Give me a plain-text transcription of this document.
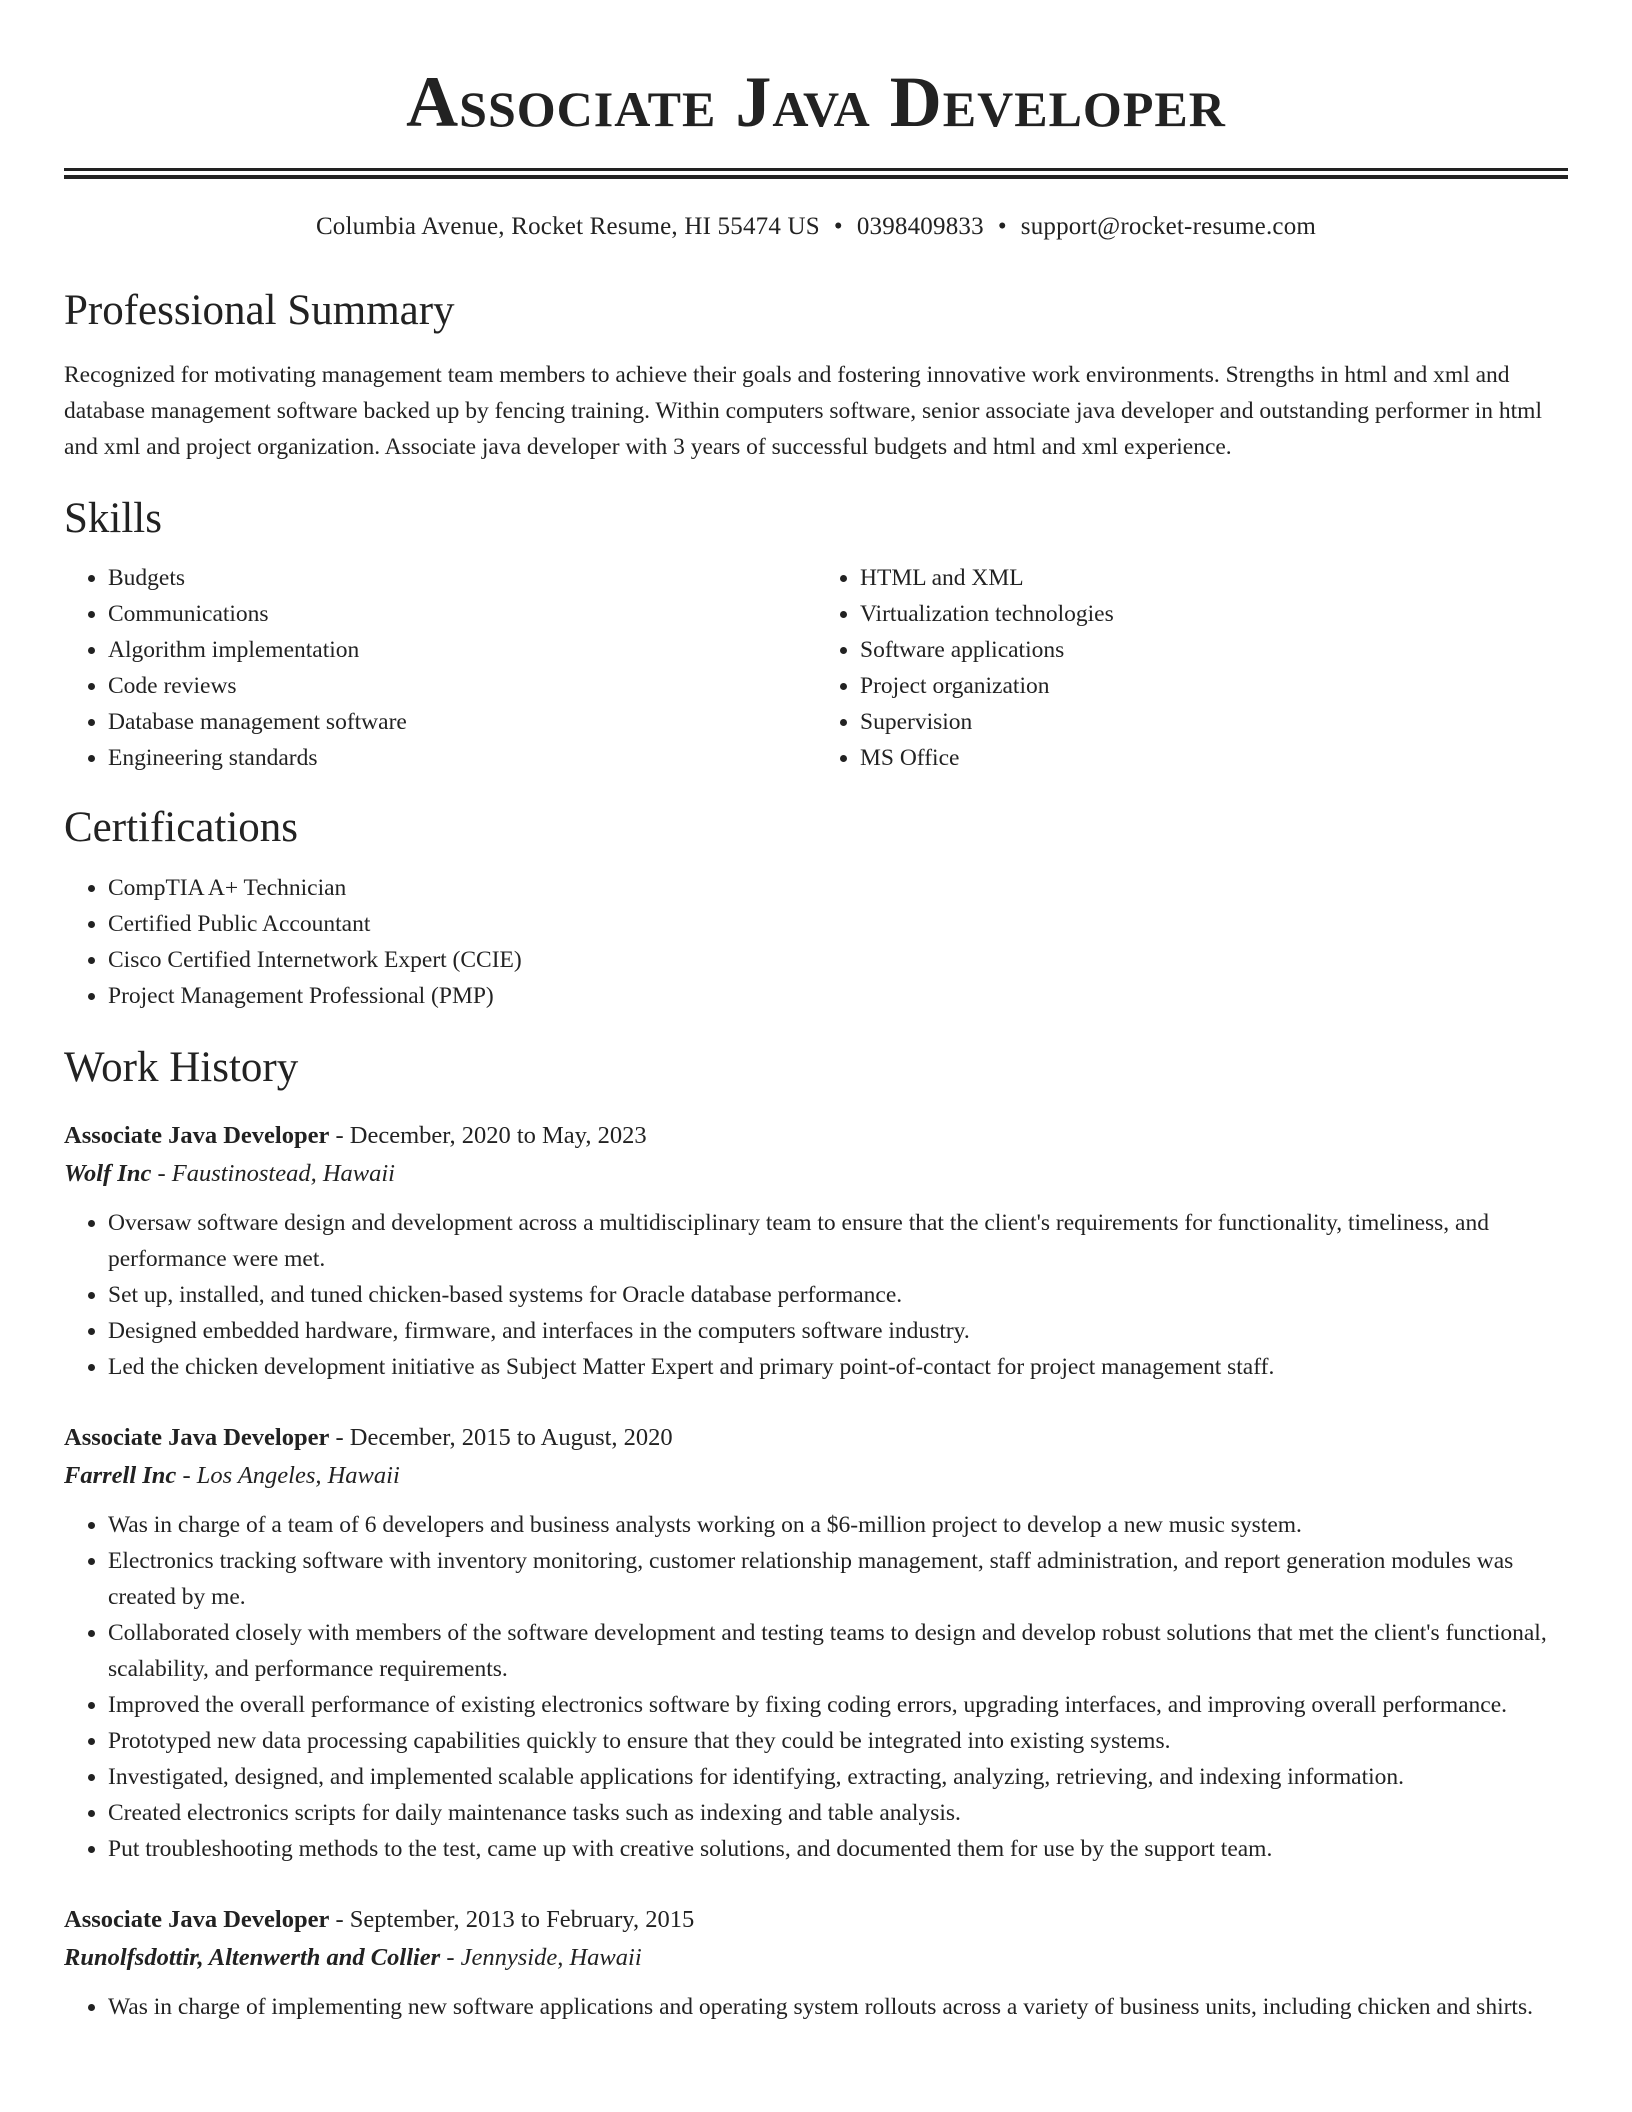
Associate Java Developer
Columbia Avenue, Rocket Resume, HI 55474 US • 0398409833 • support@rocket-resume.com
Professional Summary

Recognized for motivating management team members to achieve their goals and fostering innovative work environments. Strengths in html and xml and database management software backed up by fencing training. Within computers software, senior associate java developer and outstanding performer in html and xml and project organization. Associate java developer with 3 years of successful budgets and html and xml experience.

Skills
• Budgets
• Communications
• Algorithm implementation
• Code reviews
• Database management software
• Engineering standards
• HTML and XML
• Virtualization technologies
• Software applications
• Project organization
• Supervision
• MS Office
Certifications
• CompTIA A+ Technician
• Certified Public Accountant
• Cisco Certified Internetwork Expert (CCIE)
• Project Management Professional (PMP)
Work History
Associate Java Developer - December, 2020 to May, 2023
Wolf Inc - Faustinostead, Hawaii
• Oversaw software design and development across a multidisciplinary team to ensure that the client's requirements for functionality, timeliness, and performance were met.
• Set up, installed, and tuned chicken-based systems for Oracle database performance.
• Designed embedded hardware, firmware, and interfaces in the computers software industry.
• Led the chicken development initiative as Subject Matter Expert and primary point-of-contact for project management staff.
Associate Java Developer - December, 2015 to August, 2020
Farrell Inc - Los Angeles, Hawaii
• Was in charge of a team of 6 developers and business analysts working on a $6-million project to develop a new music system.
• Electronics tracking software with inventory monitoring, customer relationship management, staff administration, and report generation modules was created by me.
• Collaborated closely with members of the software development and testing teams to design and develop robust solutions that met the client's functional, scalability, and performance requirements.
• Improved the overall performance of existing electronics software by fixing coding errors, upgrading interfaces, and improving overall performance.
• Prototyped new data processing capabilities quickly to ensure that they could be integrated into existing systems.
• Investigated, designed, and implemented scalable applications for identifying, extracting, analyzing, retrieving, and indexing information.
• Created electronics scripts for daily maintenance tasks such as indexing and table analysis.
• Put troubleshooting methods to the test, came up with creative solutions, and documented them for use by the support team.
Associate Java Developer - September, 2013 to February, 2015
Runolfsdottir, Altenwerth and Collier - Jennyside, Hawaii
• Was in charge of implementing new software applications and operating system rollouts across a variety of business units, including chicken and shirts.
